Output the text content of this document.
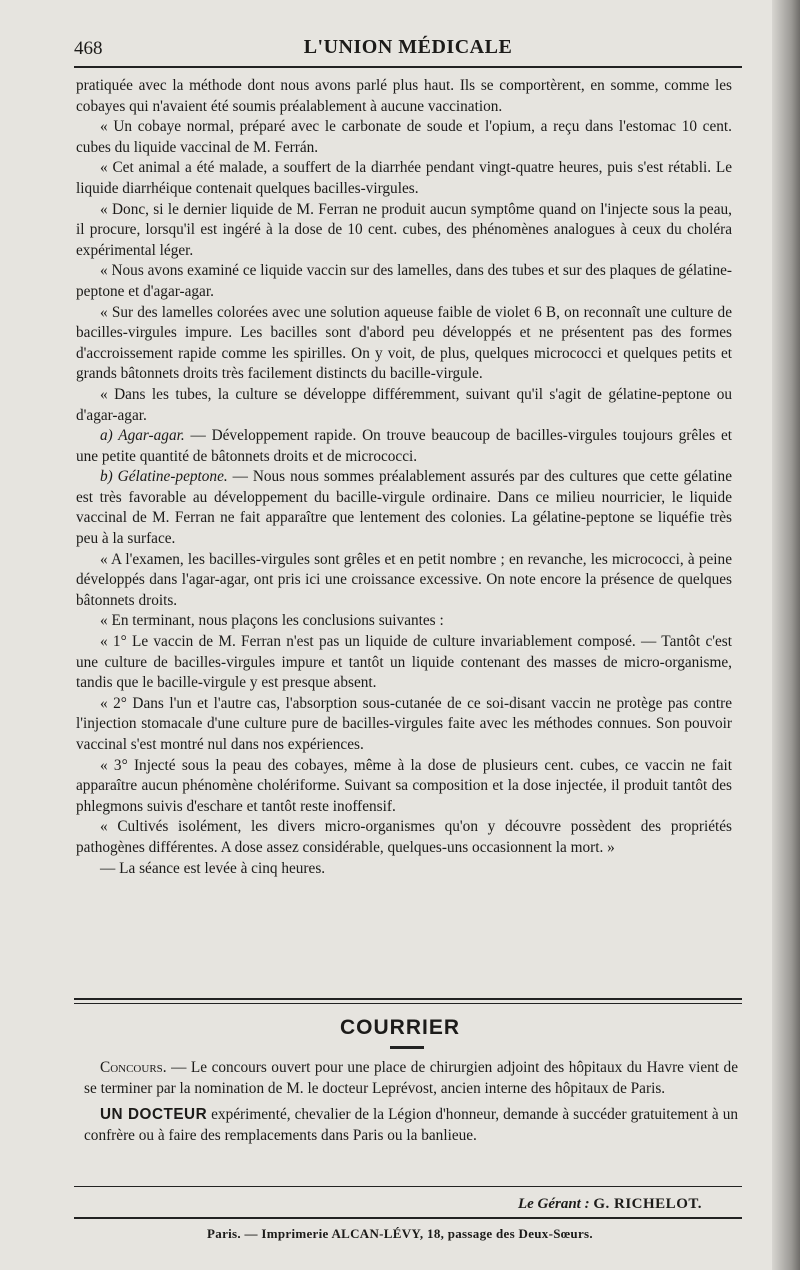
468	L'UNION MÉDICALE

pratiquée avec la méthode dont nous avons parlé plus haut. Ils se comportèrent, en somme, comme les cobayes qui n'avaient été soumis préalablement à aucune vaccination.

« Un cobaye normal, préparé avec le carbonate de soude et l'opium, a reçu dans l'estomac 10 cent. cubes du liquide vaccinal de M. Ferrán.

« Cet animal a été malade, a souffert de la diarrhée pendant vingt-quatre heures, puis s'est rétabli. Le liquide diarrhéique contenait quelques bacilles-virgules.

« Donc, si le dernier liquide de M. Ferran ne produit aucun symptôme quand on l'injecte sous la peau, il procure, lorsqu'il est ingéré à la dose de 10 cent. cubes, des phénomènes analogues à ceux du choléra expérimental léger.

« Nous avons examiné ce liquide vaccin sur des lamelles, dans des tubes et sur des plaques de gélatine-peptone et d'agar-agar.

« Sur des lamelles colorées avec une solution aqueuse faible de violet 6 B, on reconnaît une culture de bacilles-virgules impure. Les bacilles sont d'abord peu développés et ne présentent pas des formes d'accroissement rapide comme les spirilles. On y voit, de plus, quelques micrococci et quelques petits et grands bâtonnets droits très facilement distincts du bacille-virgule.

« Dans les tubes, la culture se développe différemment, suivant qu'il s'agit de gélatine-peptone ou d'agar-agar.

a) Agar-agar. — Développement rapide. On trouve beaucoup de bacilles-virgules toujours grêles et une petite quantité de bâtonnets droits et de micrococci.

b) Gélatine-peptone. — Nous nous sommes préalablement assurés par des cultures que cette gélatine est très favorable au développement du bacille-virgule ordinaire. Dans ce milieu nourricier, le liquide vaccinal de M. Ferran ne fait apparaître que lentement des colonies. La gélatine-peptone se liquéfie très peu à la surface.

« A l'examen, les bacilles-virgules sont grêles et en petit nombre ; en revanche, les micrococci, à peine développés dans l'agar-agar, ont pris ici une croissance excessive. On note encore la présence de quelques bâtonnets droits.

« En terminant, nous plaçons les conclusions suivantes :

« 1° Le vaccin de M. Ferran n'est pas un liquide de culture invariablement composé. — Tantôt c'est une culture de bacilles-virgules impure et tantôt un liquide contenant des masses de micro-organisme, tandis que le bacille-virgule y est presque absent.

« 2° Dans l'un et l'autre cas, l'absorption sous-cutanée de ce soi-disant vaccin ne protège pas contre l'injection stomacale d'une culture pure de bacilles-virgules faite avec les méthodes connues. Son pouvoir vaccinal s'est montré nul dans nos expériences.

« 3° Injecté sous la peau des cobayes, même à la dose de plusieurs cent. cubes, ce vaccin ne fait apparaître aucun phénomène cholériforme. Suivant sa composition et la dose injectée, il produit tantôt des phlegmons suivis d'eschare et tantôt reste inoffensif.

« Cultivés isolément, les divers micro-organismes qu'on y découvre possèdent des propriétés pathogènes différentes. A dose assez considérable, quelques-uns occasionnent la mort. »

— La séance est levée à cinq heures.

COURRIER

Concours. — Le concours ouvert pour une place de chirurgien adjoint des hôpitaux du Havre vient de se terminer par la nomination de M. le docteur Leprévost, ancien interne des hôpitaux de Paris.

UN DOCTEUR expérimenté, chevalier de la Légion d'honneur, demande à succéder gratuitement à un confrère ou à faire des remplacements dans Paris ou la banlieue.

Le Gérant : G. RICHELOT.
Paris. — Imprimerie ALCAN-LÉVY, 18, passage des Deux-Sœurs.
